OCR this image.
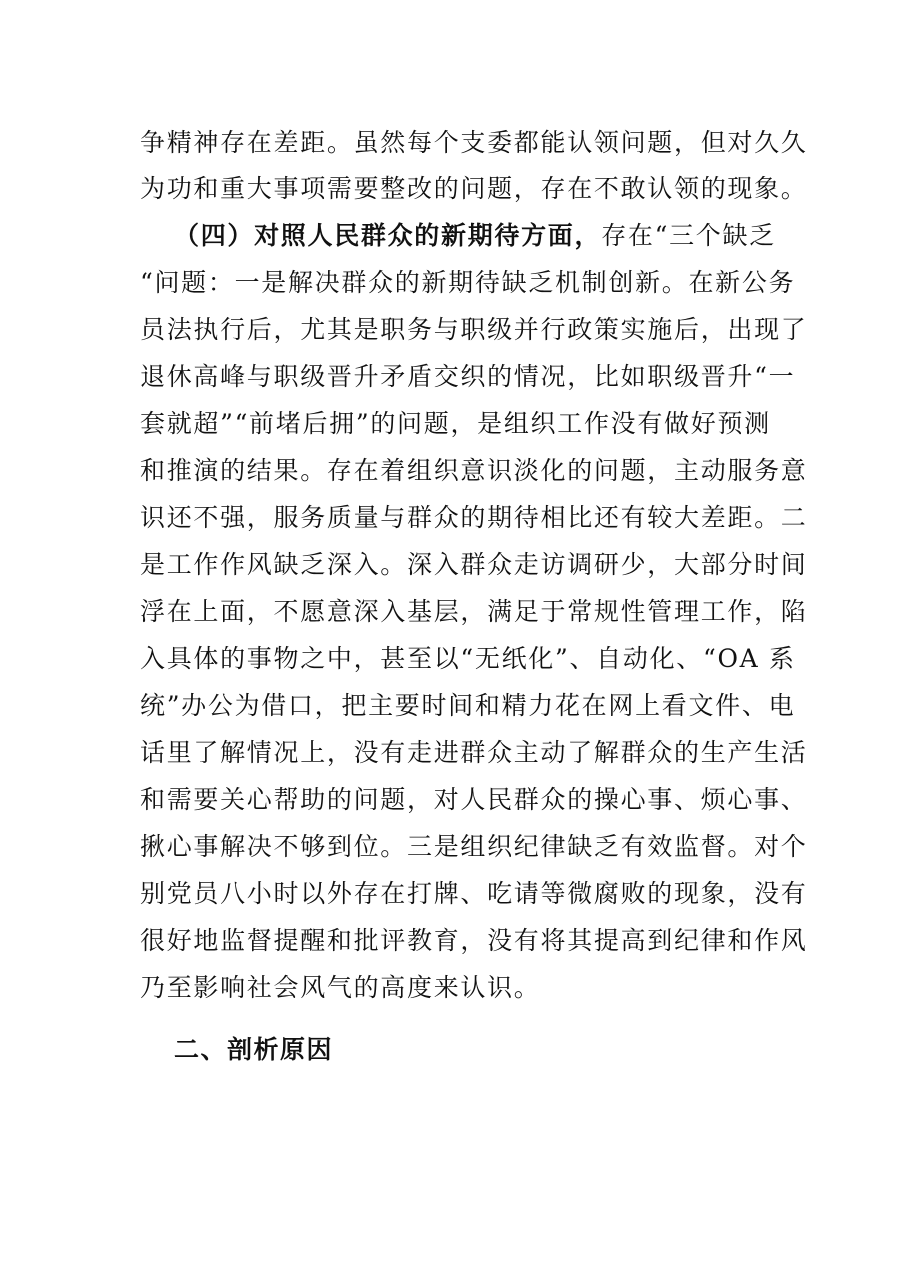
争精神存在差距。虽然每个支委都能认领问题，但对久久
为功和重大事项需要整改的问题，存在不敢认领的现象。
（四）对照人民群众的新期待方面，存在“三个缺乏
“问题：一是解决群众的新期待缺乏机制创新。在新公务
员法执行后，尤其是职务与职级并行政策实施后，出现了
退休高峰与职级晋升矛盾交织的情况，比如职级晋升“一
套就超”“前堵后拥”的问题，是组织工作没有做好预测
和推演的结果。存在着组织意识淡化的问题，主动服务意
识还不强，服务质量与群众的期待相比还有较大差距。二
是工作作风缺乏深入。深入群众走访调研少，大部分时间
浮在上面，不愿意深入基层，满足于常规性管理工作，陷
入具体的事物之中，甚至以“无纸化”、自动化、“OA 系
统”办公为借口，把主要时间和精力花在网上看文件、电
话里了解情况上，没有走进群众主动了解群众的生产生活
和需要关心帮助的问题，对人民群众的操心事、烦心事、
揪心事解决不够到位。三是组织纪律缺乏有效监督。对个
别党员八小时以外存在打牌、吃请等微腐败的现象，没有
很好地监督提醒和批评教育，没有将其提高到纪律和作风
乃至影响社会风气的高度来认识。
二、剖析原因
